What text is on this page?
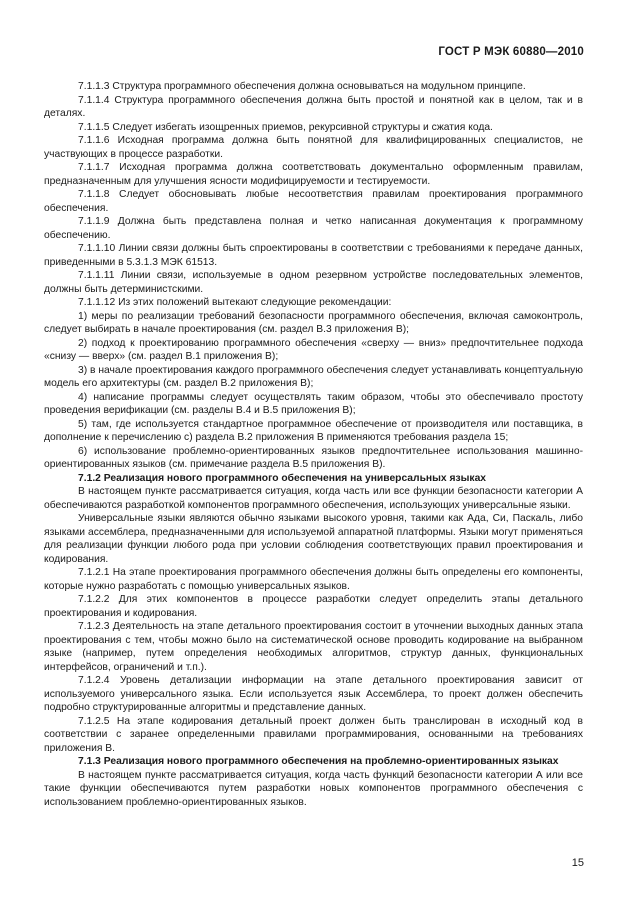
ГОСТ Р МЭК 60880—2010

7.1.1.3 Структура программного обеспечения должна основываться на модульном принципе.

7.1.1.4 Структура программного обеспечения должна быть простой и понятной как в целом, так и в деталях.

7.1.1.5 Следует избегать изощренных приемов, рекурсивной структуры и сжатия кода.

7.1.1.6 Исходная программа должна быть понятной для квалифицированных специалистов, не участвующих в процессе разработки.

7.1.1.7 Исходная программа должна соответствовать документально оформленным правилам, предназначенным для улучшения ясности модифицируемости и тестируемости.

7.1.1.8 Следует обосновывать любые несоответствия правилам проектирования программного обеспечения.

7.1.1.9 Должна быть представлена полная и четко написанная документация к программному обеспечению.

7.1.1.10 Линии связи должны быть спроектированы в соответствии с требованиями к передаче данных, приведенными в 5.3.1.3 МЭК 61513.

7.1.1.11 Линии связи, используемые в одном резервном устройстве последовательных элементов, должны быть детерминистскими.

7.1.1.12 Из этих положений вытекают следующие рекомендации:

1) меры по реализации требований безопасности программного обеспечения, включая самоконтроль, следует выбирать в начале проектирования (см. раздел В.3 приложения В);

2) подход к проектированию программного обеспечения «сверху — вниз» предпочтительнее подхода «снизу — вверх» (см. раздел В.1 приложения В);

3) в начале проектирования каждого программного обеспечения следует устанавливать концептуальную модель его архитектуры (см. раздел В.2 приложения В);

4) написание программы следует осуществлять таким образом, чтобы это обеспечивало простоту проведения верификации (см. разделы В.4 и В.5 приложения В);

5) там, где используется стандартное программное обеспечение от производителя или поставщика, в дополнение к перечислению с) раздела В.2 приложения В применяются требования раздела 15;

6) использование проблемно-ориентированных языков предпочтительнее использования машинно-ориентированных языков (см. примечание раздела В.5 приложения В).

7.1.2 Реализация нового программного обеспечения на универсальных языках

В настоящем пункте рассматривается ситуация, когда часть или все функции безопасности категории А обеспечиваются разработкой компонентов программного обеспечения, использующих универсальные языки.

Универсальные языки являются обычно языками высокого уровня, такими как Ада, Си, Паскаль, либо языками ассемблера, предназначенными для используемой аппаратной платформы. Языки могут применяться для реализации функции любого рода при условии соблюдения соответствующих правил проектирования и кодирования.

7.1.2.1 На этапе проектирования программного обеспечения должны быть определены его компоненты, которые нужно разработать с помощью универсальных языков.

7.1.2.2 Для этих компонентов в процессе разработки следует определить этапы детального проектирования и кодирования.

7.1.2.3 Деятельность на этапе детального проектирования состоит в уточнении выходных данных этапа проектирования с тем, чтобы можно было на систематической основе проводить кодирование на выбранном языке (например, путем определения необходимых алгоритмов, структур данных, функциональных интерфейсов, ограничений и т.п.).

7.1.2.4 Уровень детализации информации на этапе детального проектирования зависит от используемого универсального языка. Если используется язык Ассемблера, то проект должен обеспечить подробно структурированные алгоритмы и представление данных.

7.1.2.5 На этапе кодирования детальный проект должен быть транслирован в исходный код в соответствии с заранее определенными правилами программирования, основанными на требованиях приложения В.

7.1.3 Реализация нового программного обеспечения на проблемно-ориентированных языках

В настоящем пункте рассматривается ситуация, когда часть функций безопасности категории А или все такие функции обеспечиваются путем разработки новых компонентов программного обеспечения с использованием проблемно-ориентированных языков.

15
